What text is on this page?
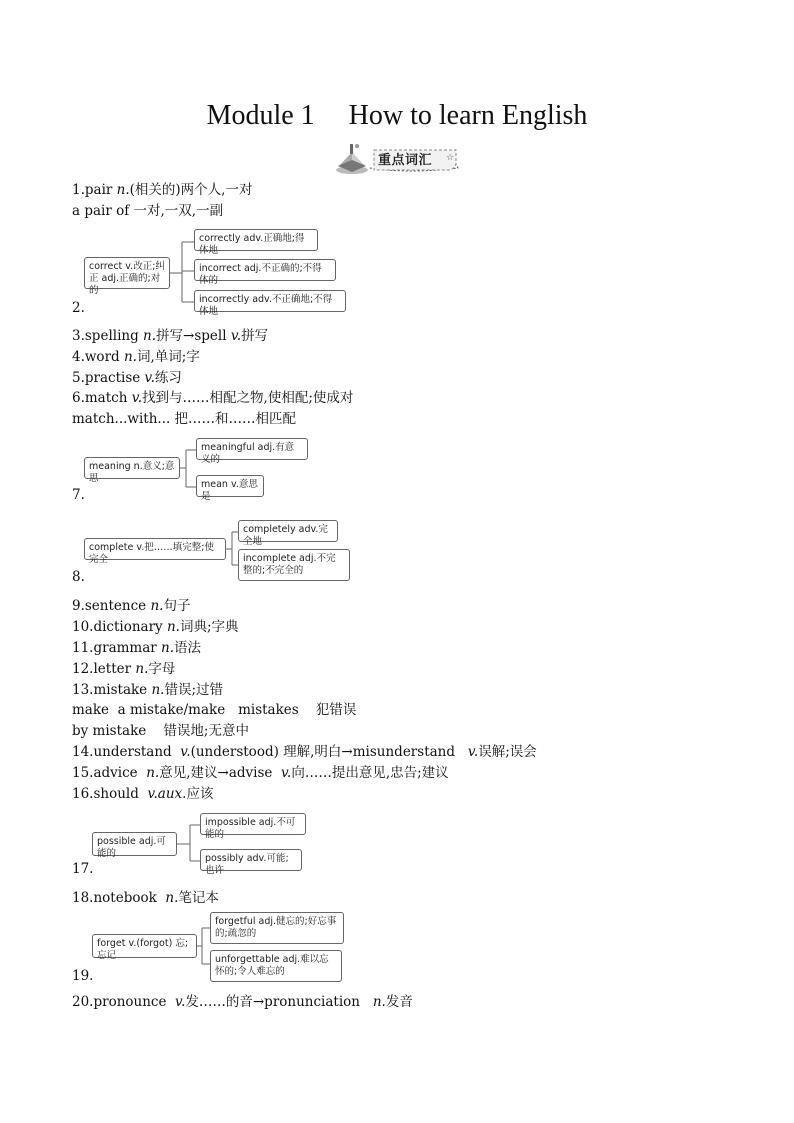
Module 1 How to learn English
☆
重点词汇
1.pair n.(相关的)两个人,一对
a pair of 一对,一双,一副
2.
correct v.改正;纠正 adj.正确的;对的
correctly adv.正确地;得体地
incorrect adj.不正确的;不得体的
incorrectly adv.不正确地;不得体地
3.spelling n.拼写→spell v.拼写
4.word n.词,单词;字
5.practise v.练习
6.match v.找到与……相配之物,使相配;使成对
match...with... 把……和……相匹配
7.
meaning n.意义;意思
meaningful adj.有意义的
mean v.意思是
8.
complete v.把……填完整;使完全
completely adv.完全地
incomplete adj.不完整的;不完全的
9.sentence n.句子
10.dictionary n.词典;字典
11.grammar n.语法
12.letter n.字母
13.mistake n.错误;过错
make  a mistake/make   mistakes    犯错误
by mistake    错误地;无意中
14.understand  v.(understood) 理解,明白→misunderstand   v.误解;误会
15.advice  n.意见,建议→advise  v.向……提出意见,忠告;建议
16.should  v.aux.应该
17.
possible adj.可能的
impossible adj.不可能的
possibly adv.可能;也许
18.notebook  n.笔记本
19.
forget v.(forgot) 忘;忘记
forgetful adj.健忘的;好忘事的;疏忽的
unforgettable adj.难以忘怀的;令人难忘的
20.pronounce  v.发……的音→pronunciation   n.发音
